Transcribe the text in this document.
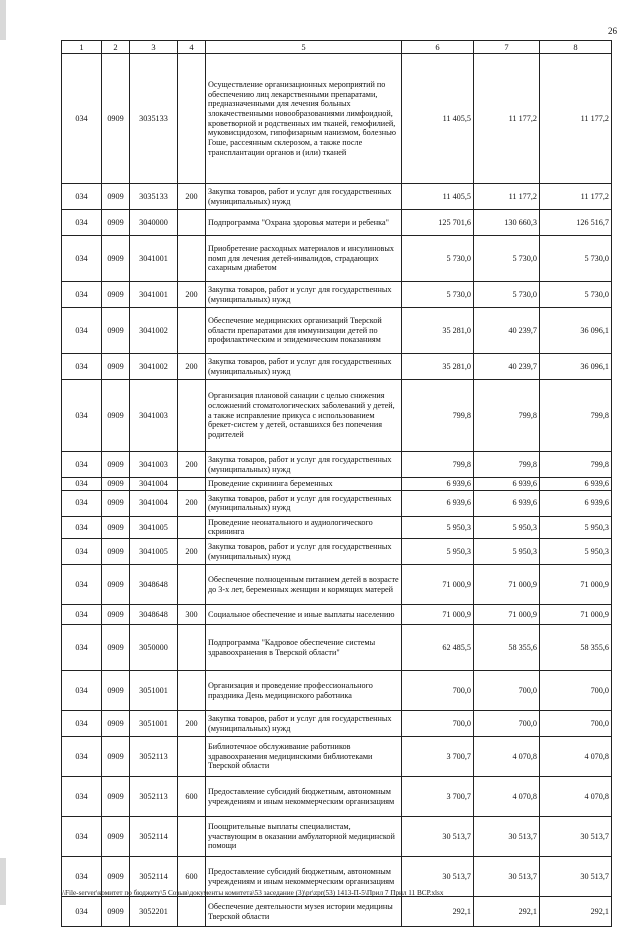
26
1	2	3	4	5	6	7	8
034	0909	3035133		Осуществление организационных мероприятий по обеспечению лиц лекарственными препаратами, предназначенными для лечения больных злокачественными новообразованиями лимфоидной, кроветворной и родственных им тканей, гемофилией, муковисцидозом, гипофизарным нанизмом, болезнью Гоше, рассеянным склерозом, а также после трансплантации органов и (или) тканей	11 405,5	11 177,2	11 177,2
034	0909	3035133	200	Закупка товаров, работ и услуг для государственных (муниципальных) нужд	11 405,5	11 177,2	11 177,2
034	0909	3040000		Подпрограмма "Охрана здоровья матери и ребенка"	125 701,6	130 660,3	126 516,7
034	0909	3041001		Приобретение расходных материалов и инсулиновых помп для лечения детей-инвалидов, страдающих сахарным диабетом	5 730,0	5 730,0	5 730,0
034	0909	3041001	200	Закупка товаров, работ и услуг для государственных (муниципальных) нужд	5 730,0	5 730,0	5 730,0
034	0909	3041002		Обеспечение медицинских организаций Тверской области препаратами для иммунизации детей по профилактическим и эпидемическим показаниям	35 281,0	40 239,7	36 096,1
034	0909	3041002	200	Закупка товаров, работ и услуг для государственных (муниципальных) нужд	35 281,0	40 239,7	36 096,1
034	0909	3041003		Организация плановой санации с целью снижения осложнений стоматологических заболеваний у детей, а также исправление прикуса с использованием брекет-систем у детей, оставшихся без попечения родителей	799,8	799,8	799,8
034	0909	3041003	200	Закупка товаров, работ и услуг для государственных (муниципальных) нужд	799,8	799,8	799,8
034	0909	3041004		Проведение скрининга беременных	6 939,6	6 939,6	6 939,6
034	0909	3041004	200	Закупка товаров, работ и услуг для государственных (муниципальных) нужд	6 939,6	6 939,6	6 939,6
034	0909	3041005		Проведение неонатального и аудиологического скрининга	5 950,3	5 950,3	5 950,3
034	0909	3041005	200	Закупка товаров, работ и услуг для государственных (муниципальных) нужд	5 950,3	5 950,3	5 950,3
034	0909	3048648		Обеспечение полноценным питанием детей в возрасте до 3-х лет, беременных женщин и кормящих матерей	71 000,9	71 000,9	71 000,9
034	0909	3048648	300	Социальное обеспечение и иные выплаты населению	71 000,9	71 000,9	71 000,9
034	0909	3050000		Подпрограмма "Кадровое обеспечение системы здравоохранения в Тверской области"	62 485,5	58 355,6	58 355,6
034	0909	3051001		Организация и проведение профессионального праздника День медицинского работника	700,0	700,0	700,0
034	0909	3051001	200	Закупка товаров, работ и услуг для государственных (муниципальных) нужд	700,0	700,0	700,0
034	0909	3052113		Библиотечное обслуживание работников здравоохранения медицинскими библиотеками Тверской области	3 700,7	4 070,8	4 070,8
034	0909	3052113	600	Предоставление субсидий бюджетным, автономным учреждениям и иным некоммерческим организациям	3 700,7	4 070,8	4 070,8
034	0909	3052114		Поощрительные выплаты специалистам, участвующим в оказании амбулаторной медицинской помощи	30 513,7	30 513,7	30 513,7
034	0909	3052114	600	Предоставление субсидий бюджетным, автономным учреждениям и иным некоммерческим организациям	30 513,7	30 513,7	30 513,7
034	0909	3052201		Обеспечение деятельности музея истории медицины Тверской области	292,1	292,1	292,1
\\File-server\комитет по бюджету\5 Созыв\документы комитета\53 заседание (3)\pr\zpr(53) 1413-П-5\Прил 7 Прил 11 ВСР.xlsx
